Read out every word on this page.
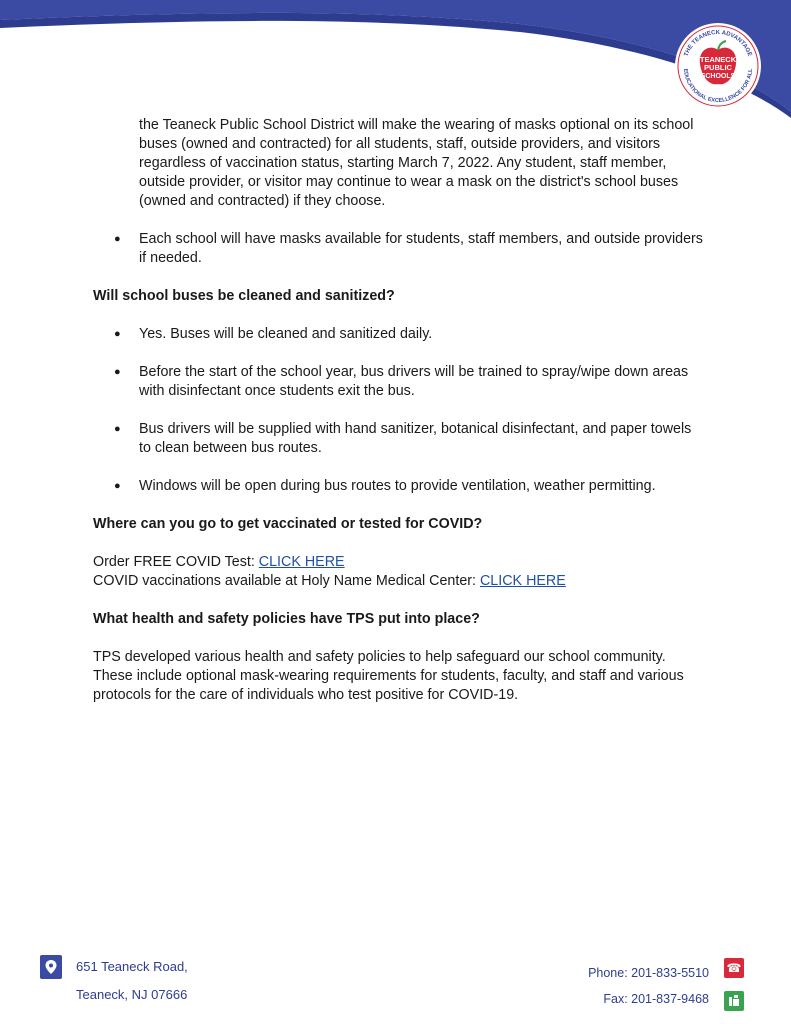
THE TEANECK ADVANTAGE
EDUCATIONAL EXCELLENCE FOR ALL
TEANECK
PUBLIC
SCHOOLS

the Teaneck Public School District will make the wearing of masks optional on its school buses (owned and contracted) for all students, staff, outside providers, and visitors regardless of vaccination status, starting March 7, 2022. Any student, staff member, outside provider, or visitor may continue to wear a mask on the district's school buses (owned and contracted) if they choose.

● Each school will have masks available for students, staff members, and outside providers if needed.

Will school buses be cleaned and sanitized?

● Yes. Buses will be cleaned and sanitized daily.
● Before the start of the school year, bus drivers will be trained to spray/wipe down areas with disinfectant once students exit the bus.
● Bus drivers will be supplied with hand sanitizer, botanical disinfectant, and paper towels to clean between bus routes.
● Windows will be open during bus routes to provide ventilation, weather permitting.

Where can you go to get vaccinated or tested for COVID?

Order FREE COVID Test: CLICK HERE

COVID vaccinations available at Holy Name Medical Center: CLICK HERE

What health and safety policies have TPS put into place?

TPS developed various health and safety policies to help safeguard our school community. These include optional mask-wearing requirements for students, faculty, and staff and various protocols for the care of individuals who test positive for COVID-19.

651 Teaneck Road,
Teaneck, NJ 07666
Phone: 201-833-5510 ☎
Fax: 201-837-9468
